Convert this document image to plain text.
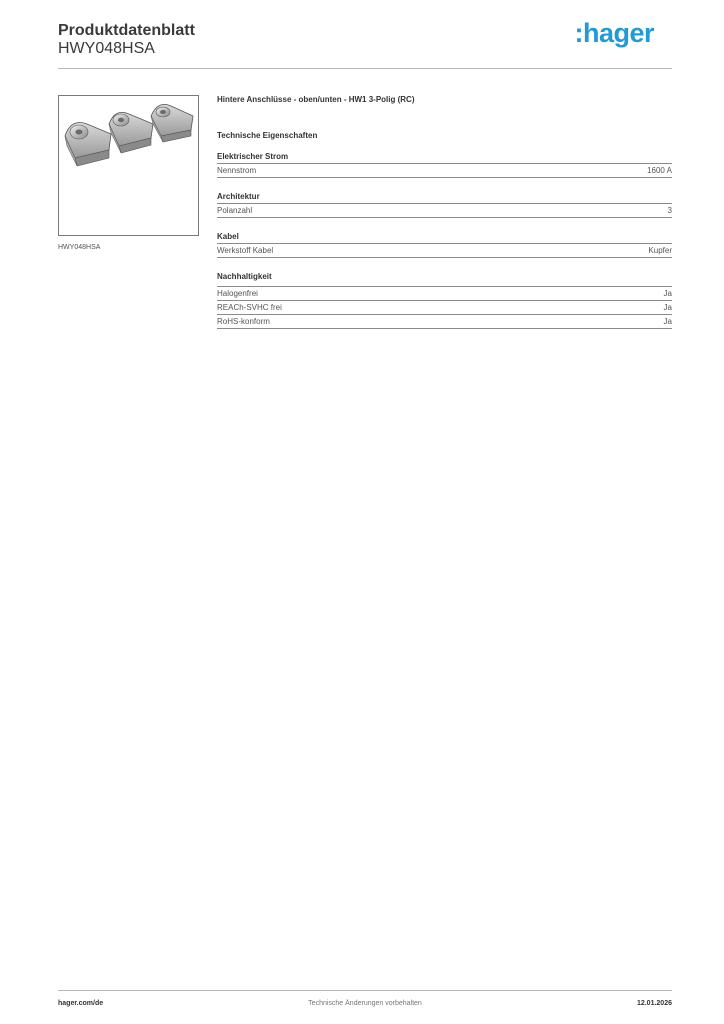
Produktdatenblatt
HWY048HSA
:hager
HWY048HSA
Hintere Anschlüsse - oben/unten - HW1 3-Polig (RC)
Technische Eigenschaften
Elektrischer Strom
Nennstrom	1600 A
Architektur
Polanzahl	3
Kabel
Werkstoff Kabel	Kupfer
Nachhaltigkeit
Halogenfrei	Ja
REACh-SVHC frei	Ja
RoHS-konform	Ja
hager.com/de	Technische Änderungen vorbehalten	12.01.2026
